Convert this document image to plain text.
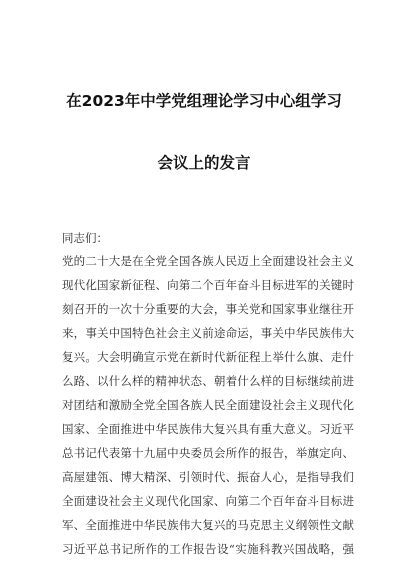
在2023年中学党组理论学习中心组学习
会议上的发言
同志们：
党的二十大是在全党全国各族人民迈上全面建设社会主义
现代化国家新征程、向第二个百年奋斗目标进军的关键时
刻召开的一次十分重要的大会，事关党和国家事业继往开
来，事关中国特色社会主义前途命运，事关中华民族伟大
复兴。大会明确宣示党在新时代新征程上举什么旗、走什
么路、以什么样的精神状态、朝着什么样的目标继续前进
对团结和激励全党全国各族人民全面建设社会主义现代化
国家、全面推进中华民族伟大复兴具有重大意义。习近平
总书记代表第十九届中央委员会所作的报告，举旗定向、
高屋建瓴、博大精深、引领时代、振奋人心，是指导我们
全面建设社会主义现代化国家、向第二个百年奋斗目标进
军、全面推进中华民族伟大复兴的马克思主义纲领性文献
习近平总书记所作的工作报告设“实施科教兴国战略，强
